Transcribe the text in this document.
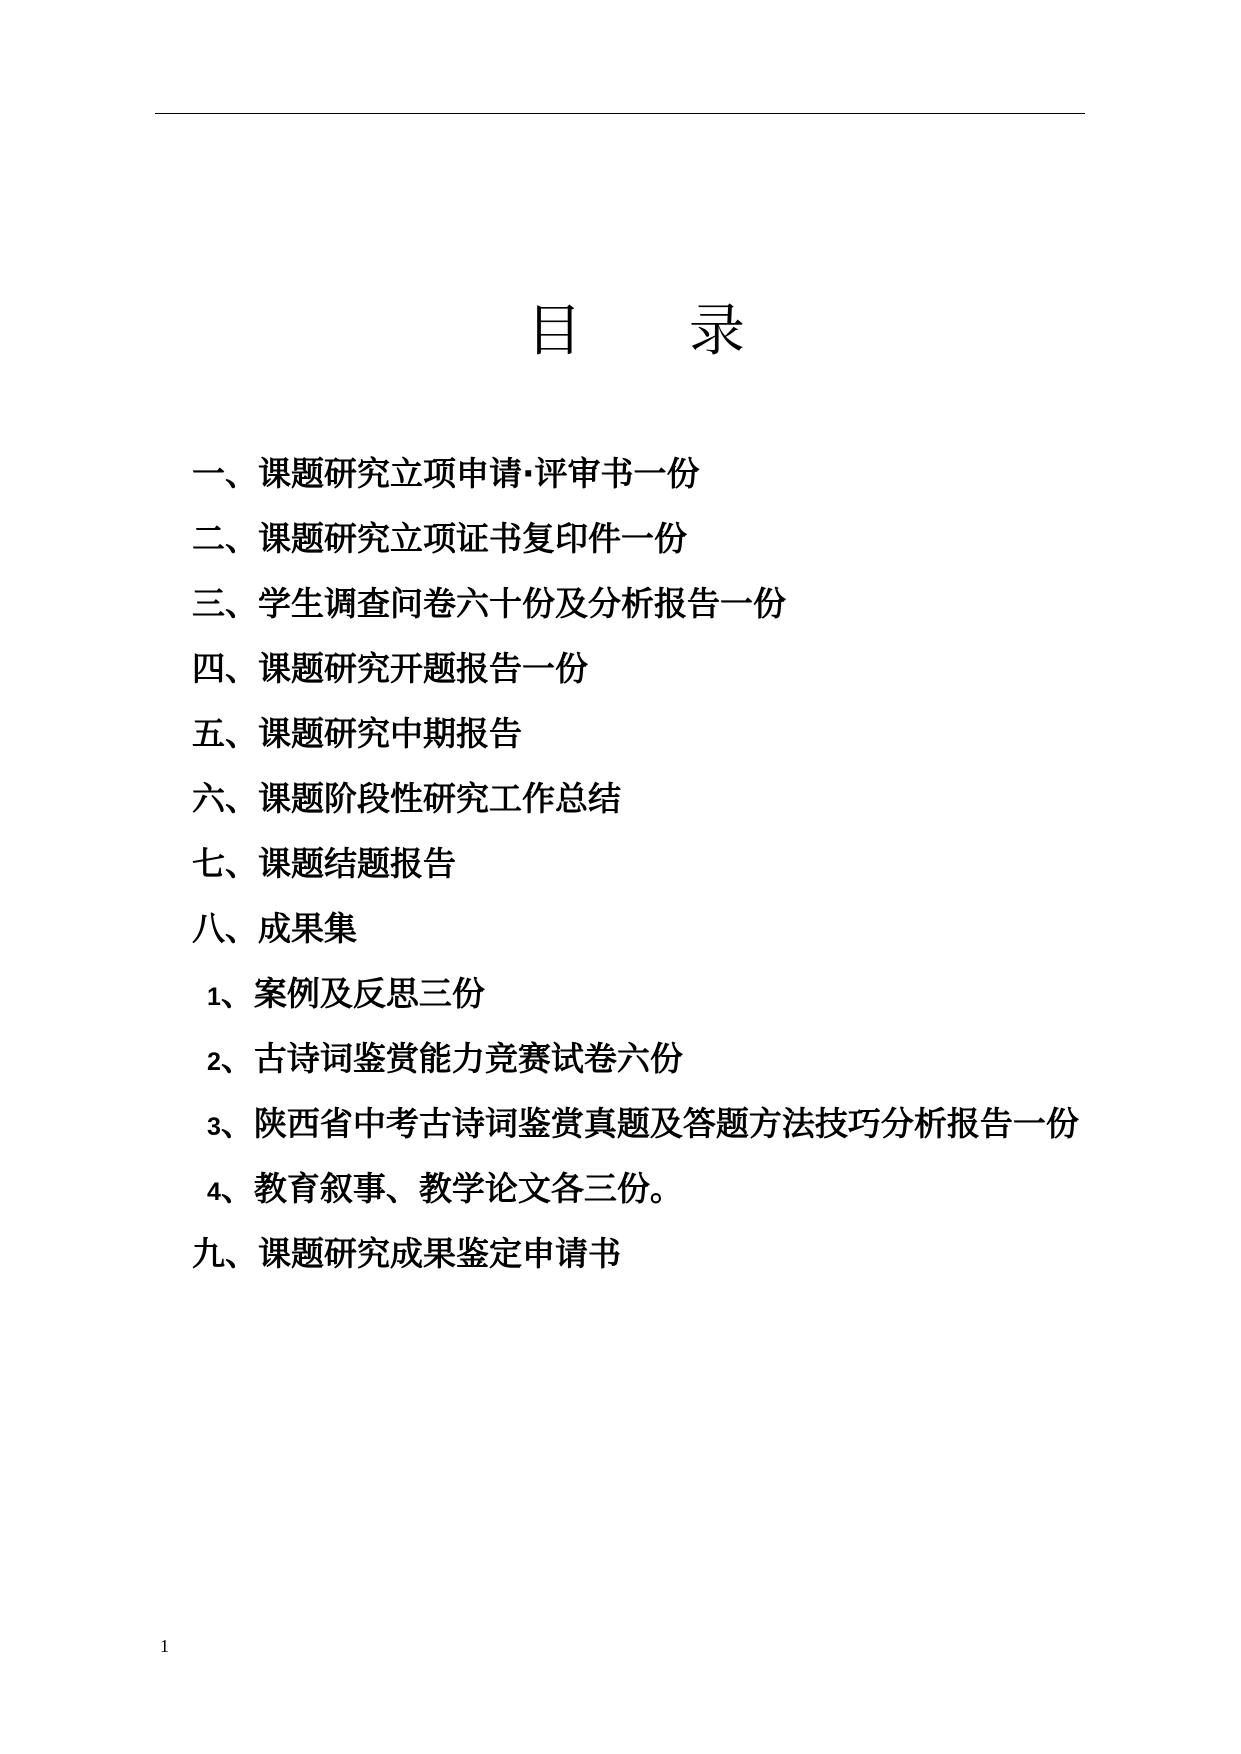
目      录
一、课题研究立项申请·评审书一份
二、课题研究立项证书复印件一份
三、学生调查问卷六十份及分析报告一份
四、课题研究开题报告一份
五、课题研究中期报告
六、课题阶段性研究工作总结
七、课题结题报告
八、成果集
1、案例及反思三份
2、古诗词鉴赏能力竞赛试卷六份
3、陕西省中考古诗词鉴赏真题及答题方法技巧分析报告一份
4、教育叙事、教学论文各三份。
九、课题研究成果鉴定申请书
1
